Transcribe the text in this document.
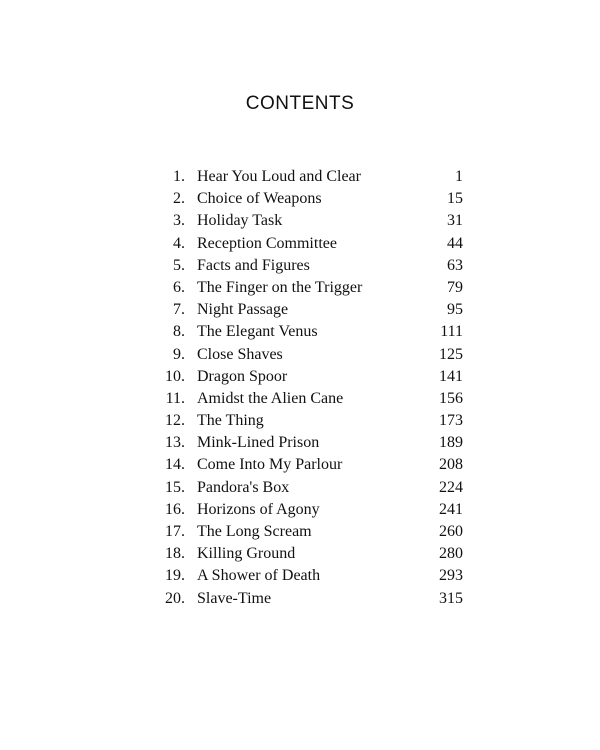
CONTENTS
1. Hear You Loud and Clear	1
2. Choice of Weapons	15
3. Holiday Task	31
4. Reception Committee	44
5. Facts and Figures	63
6. The Finger on the Trigger	79
7. Night Passage	95
8. The Elegant Venus	111
9. Close Shaves	125
10. Dragon Spoor	141
11. Amidst the Alien Cane	156
12. The Thing	173
13. Mink-Lined Prison	189
14. Come Into My Parlour	208
15. Pandora's Box	224
16. Horizons of Agony	241
17. The Long Scream	260
18. Killing Ground	280
19. A Shower of Death	293
20. Slave-Time	315
